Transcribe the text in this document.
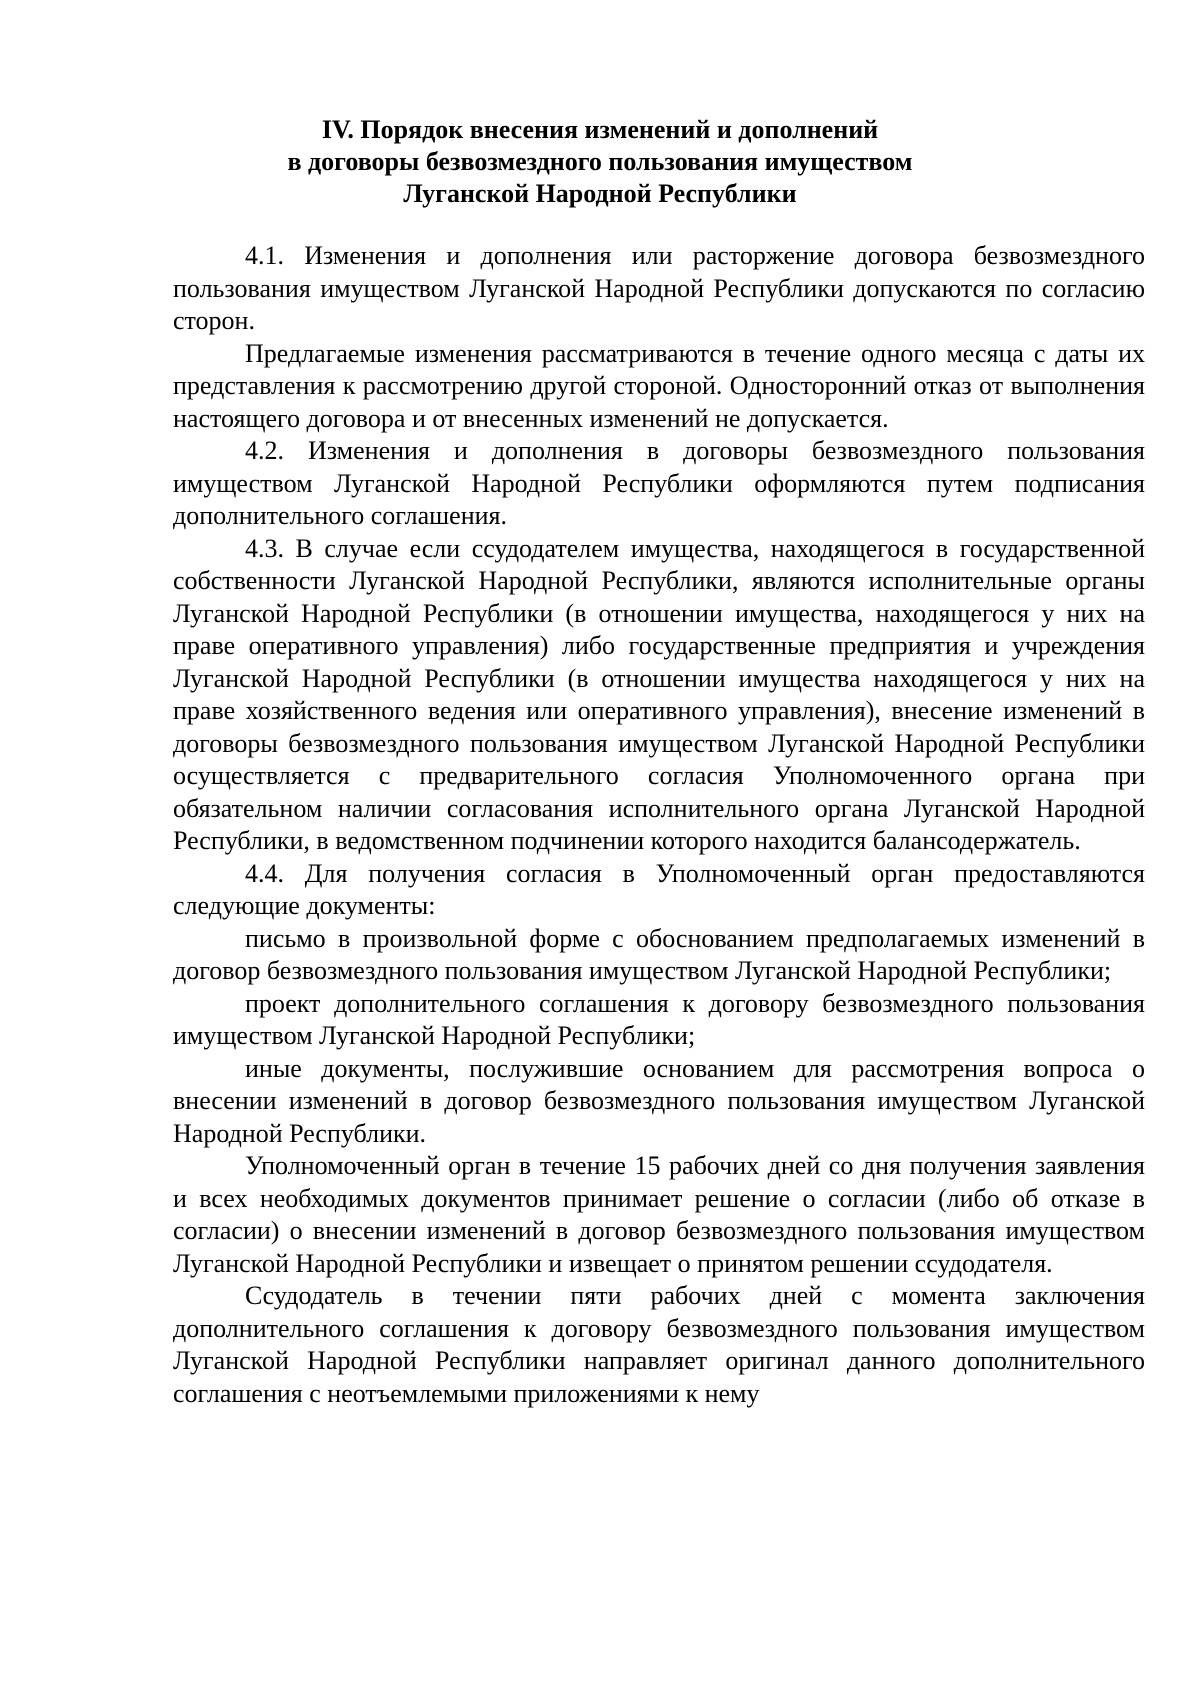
IV. Порядок внесения изменений и дополнений
в договоры безвозмездного пользования имуществом
Луганской Народной Республики

4.1. Изменения и дополнения или расторжение договора безвозмездного пользования имуществом Луганской Народной Республики допускаются по согласию сторон.

Предлагаемые изменения рассматриваются в течение одного месяца с даты их представления к рассмотрению другой стороной. Односторонний отказ от выполнения настоящего договора и от внесенных изменений не допускается.

4.2. Изменения и дополнения в договоры безвозмездного пользования имуществом Луганской Народной Республики оформляются путем подписания дополнительного соглашения.

4.3. В случае если ссудодателем имущества, находящегося в государственной собственности Луганской Народной Республики, являются исполнительные органы Луганской Народной Республики (в отношении имущества, находящегося у них на праве оперативного управления) либо государственные предприятия и учреждения Луганской Народной Республики (в отношении имущества находящегося у них на праве хозяйственного ведения или оперативного управления), внесение изменений в договоры безвозмездного пользования имуществом Луганской Народной Республики осуществляется с предварительного согласия Уполномоченного органа при обязательном наличии согласования исполнительного органа Луганской Народной Республики, в ведомственном подчинении которого находится балансодержатель.

4.4. Для получения согласия в Уполномоченный орган предоставляются следующие документы:

письмо в произвольной форме с обоснованием предполагаемых изменений в договор безвозмездного пользования имуществом Луганской Народной Республики;

проект дополнительного соглашения к договору безвозмездного пользования имуществом Луганской Народной Республики;

иные документы, послужившие основанием для рассмотрения вопроса о внесении изменений в договор безвозмездного пользования имуществом Луганской Народной Республики.

Уполномоченный орган в течение 15 рабочих дней со дня получения заявления и всех необходимых документов принимает решение о согласии (либо об отказе в согласии) о внесении изменений в договор безвозмездного пользования имуществом Луганской Народной Республики и извещает о принятом решении ссудодателя.

Ссудодатель в течении пяти рабочих дней с момента заключения дополнительного соглашения к договору безвозмездного пользования имуществом Луганской Народной Республики направляет оригинал данного дополнительного соглашения с неотъемлемыми приложениями к нему
